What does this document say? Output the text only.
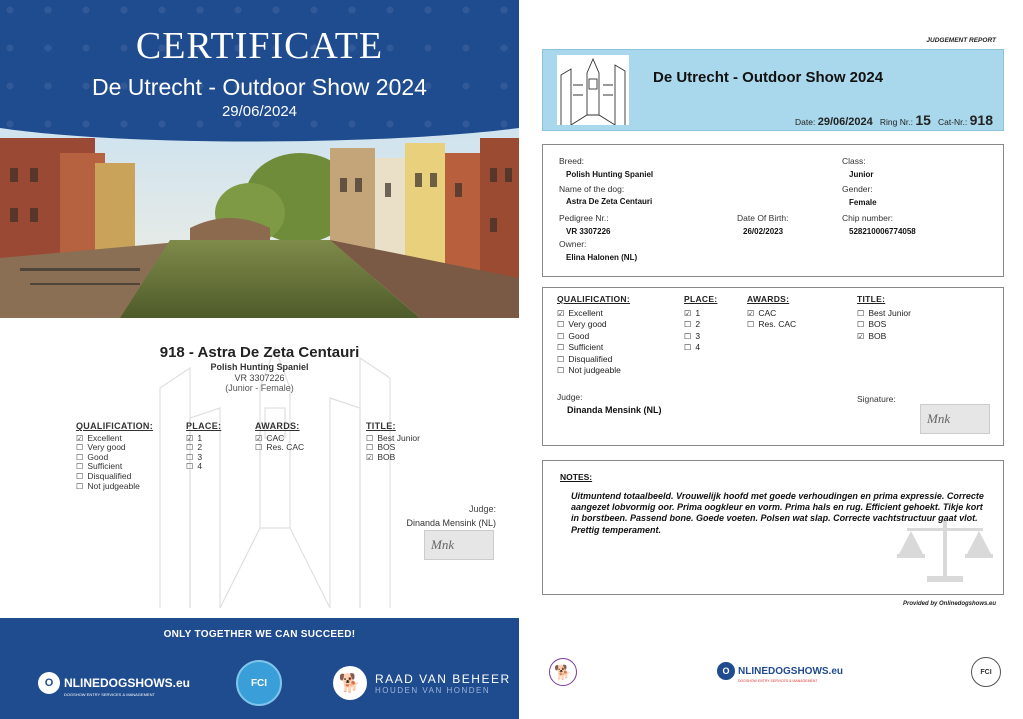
CERTIFICATE
De Utrecht - Outdoor Show 2024
29/06/2024
918 - Astra De Zeta Centauri
Polish Hunting Spaniel
VR 3307226
(Junior - Female)
QUALIFICATION:
☑ Excellent
☐ Very good
☐ Good
☐ Sufficient
☐ Disqualified
☐ Not judgeable
PLACE:
☑ 1
☐ 2
☐ 3
☐ 4
AWARDS:
☑ CAC
☐ Res. CAC
TITLE:
☐ Best Junior
☐ BOS
☑ BOB
Judge:
Dinanda Mensink (NL)
Mnk
ONLY TOGETHER WE CAN SUCCEED!
O NLINEDOGSHOWS.eu
DOGSHOW ENTRY SERVICES & MANAGEMENT
FCI	🐕	RAAD VAN BEHEER
HOUDEN VAN HONDEN
JUDGEMENT REPORT
De Utrecht - Outdoor Show 2024
Date: 29/06/2024 Ring Nr.: 15 Cat-Nr.: 918
Breed:
Polish Hunting Spaniel
Name of the dog:
Astra De Zeta Centauri
Pedigree Nr.:
VR 3307226
Owner:
Elina Halonen (NL)
Date Of Birth:
26/02/2023
Class:
Junior
Gender:
Female
Chip number:
528210006774058
QUALIFICATION:
☑ Excellent
☐ Very good
☐ Good
☐ Sufficient
☐ Disqualified
☐ Not judgeable
PLACE:
☑ 1
☐ 2
☐ 3
☐ 4
AWARDS:
☑ CAC
☐ Res. CAC
TITLE:
☐ Best Junior
☐ BOS
☑ BOB
Judge:
Dinanda Mensink (NL)
Signature:
Mnk
NOTES:
Uitmuntend totaalbeeld. Vrouwelijk hoofd met goede verhoudingen en prima expressie. Correcte aangezet lobvormig oor. Prima oogkleur en vorm. Prima hals en rug. Efficient gehoekt. Tikje kort in borstbeen. Passend bone. Goede voeten. Polsen wat slap. Correcte vachtstructuur gaat vlot. Prettig temperament.
Provided by Onlinedogshows.eu
🐕	O NLINEDOGSHOWS.eu
DOGSHOW ENTRY SERVICES & MANAGEMENT
FCI
